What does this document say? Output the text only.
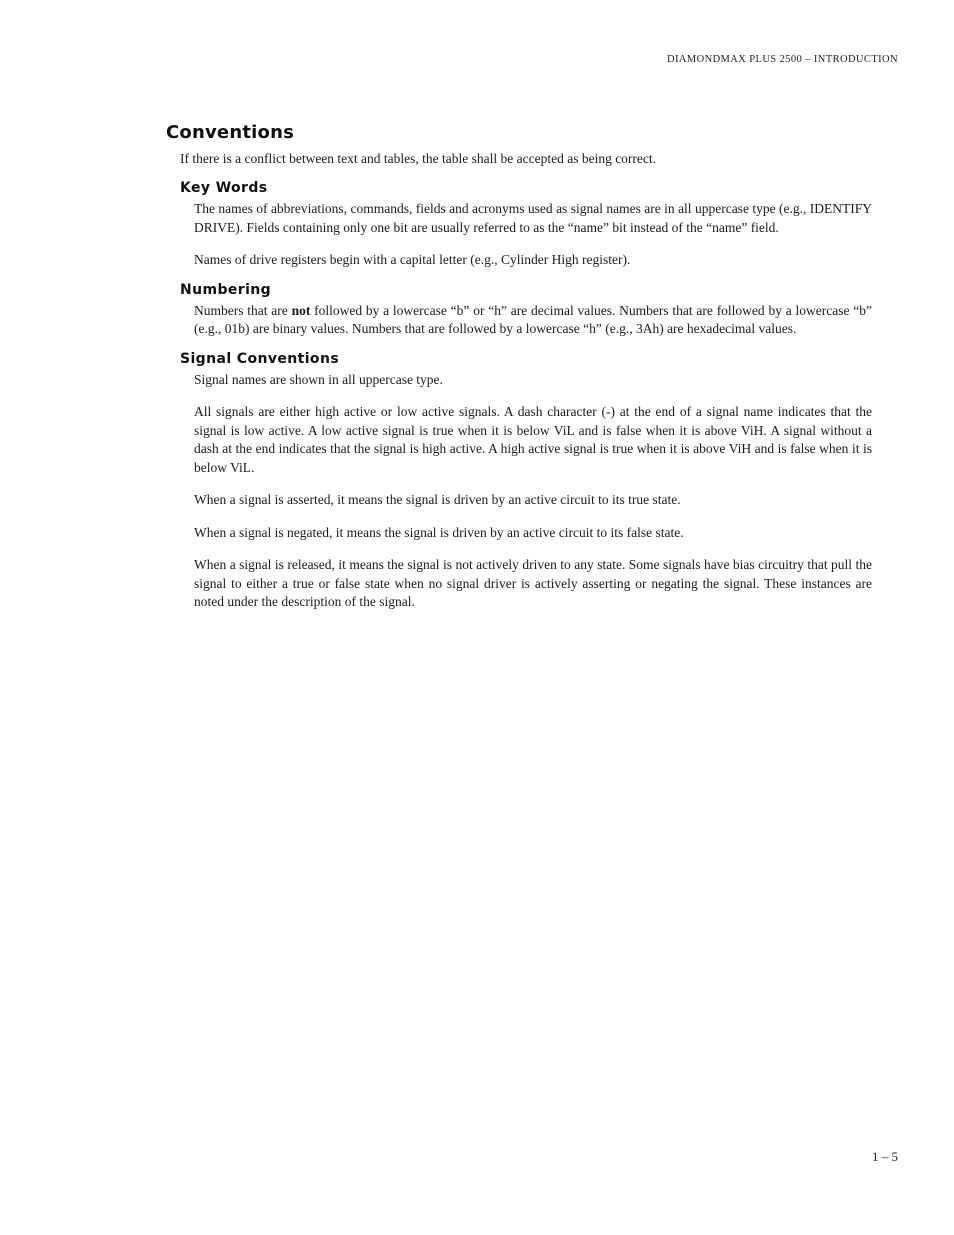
DIAMONDMAX PLUS 2500 – INTRODUCTION
Conventions

If there is a conflict between text and tables, the table shall be accepted as being correct.

Key Words

The names of abbreviations, commands, fields and acronyms used as signal names are in all uppercase type (e.g., IDENTIFY DRIVE). Fields containing only one bit are usually referred to as the “name” bit instead of the “name” field.

Names of drive registers begin with a capital letter (e.g., Cylinder High register).

Numbering

Numbers that are not followed by a lowercase “b” or “h” are decimal values. Numbers that are followed by a lowercase “b” (e.g., 01b) are binary values. Numbers that are followed by a lowercase “h” (e.g., 3Ah) are hexadecimal values.

Signal Conventions

Signal names are shown in all uppercase type.

All signals are either high active or low active signals. A dash character (-) at the end of a signal name indicates that the signal is low active. A low active signal is true when it is below ViL and is false when it is above ViH. A signal without a dash at the end indicates that the signal is high active. A high active signal is true when it is above ViH and is false when it is below ViL.

When a signal is asserted, it means the signal is driven by an active circuit to its true state.

When a signal is negated, it means the signal is driven by an active circuit to its false state.

When a signal is released, it means the signal is not actively driven to any state. Some signals have bias circuitry that pull the signal to either a true or false state when no signal driver is actively asserting or negating the signal. These instances are noted under the description of the signal.

1 – 5
